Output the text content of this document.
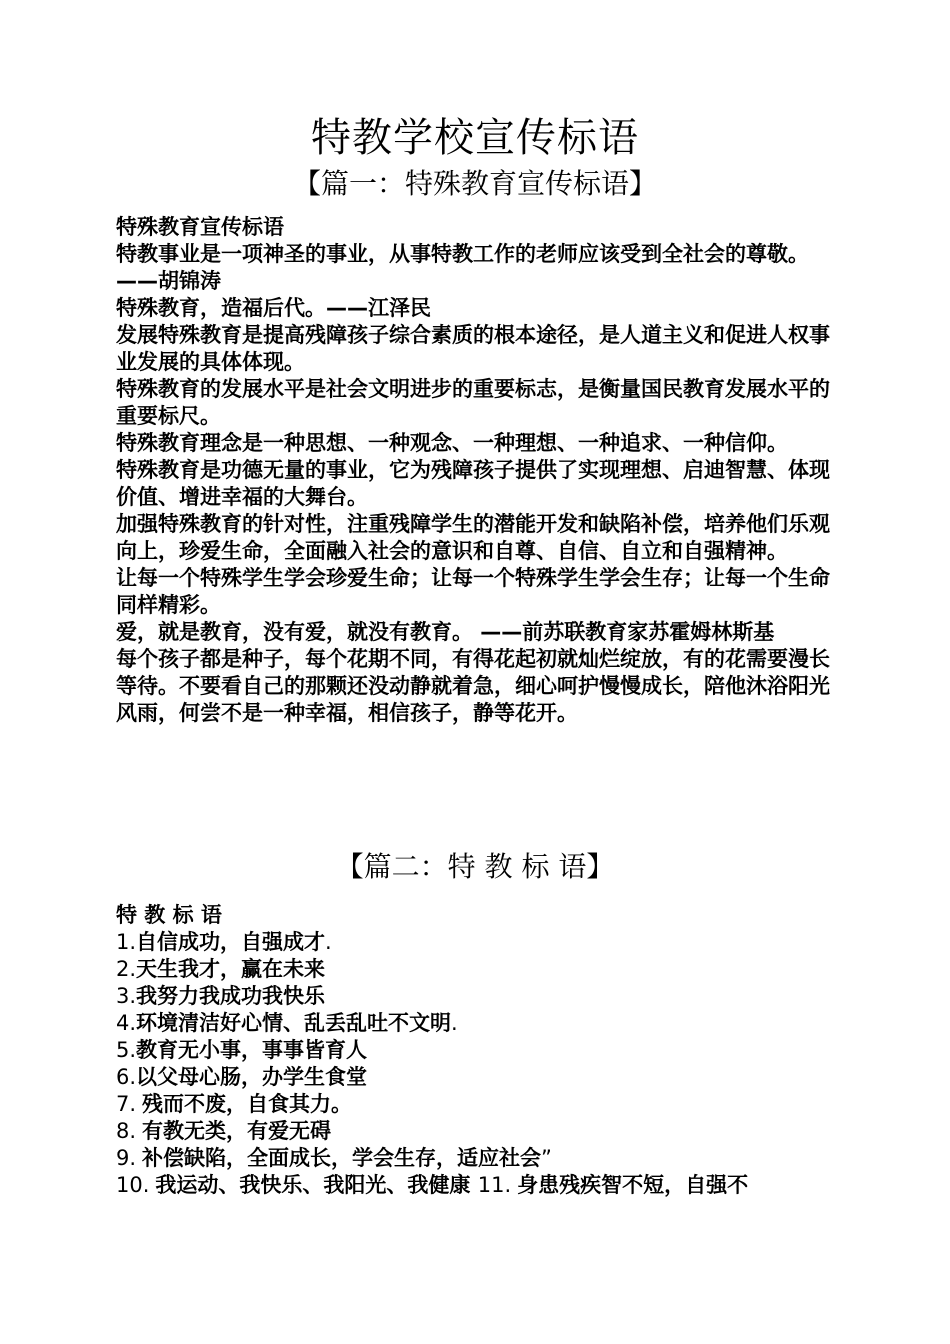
特教学校宣传标语
【篇一：特殊教育宣传标语】

特殊教育宣传标语

特教事业是一项神圣的事业，从事特教工作的老师应该受到全社会的尊敬。

——胡锦涛

特殊教育，造福后代。——江泽民

发展特殊教育是提高残障孩子综合素质的根本途径，是人道主义和促进人权事业发展的具体体现。

特殊教育的发展水平是社会文明进步的重要标志，是衡量国民教育发展水平的重要标尺。

特殊教育理念是一种思想、一种观念、一种理想、一种追求、一种信仰。

特殊教育是功德无量的事业，它为残障孩子提供了实现理想、启迪智慧、体现价值、增进幸福的大舞台。

加强特殊教育的针对性，注重残障学生的潜能开发和缺陷补偿，培养他们乐观向上，珍爱生命，全面融入社会的意识和自尊、自信、自立和自强精神。

让每一个特殊学生学会珍爱生命；让每一个特殊学生学会生存；让每一个生命同样精彩。

爱，就是教育，没有爱，就没有教育。 ——前苏联教育家苏霍姆林斯基

每个孩子都是种子，每个花期不同，有得花起初就灿烂绽放，有的花需要漫长等待。不要看自己的那颗还没动静就着急，细心呵护慢慢成长，陪他沐浴阳光风雨，何尝不是一种幸福，相信孩子，静等花开。

【篇二：特 教 标 语】

特 教 标 语

1.自信成功，自强成才.

2.天生我才，赢在未来

3.我努力我成功我快乐

4.环境清洁好心情、乱丢乱吐不文明.

5.教育无小事，事事皆育人

6.以父母心肠，办学生食堂

7. 残而不废，自食其力。

8. 有教无类，有爱无碍

9. 补偿缺陷，全面成长，学会生存，适应社会”

10. 我运动、我快乐、我阳光、我健康 11. 身患残疾智不短，自强不
